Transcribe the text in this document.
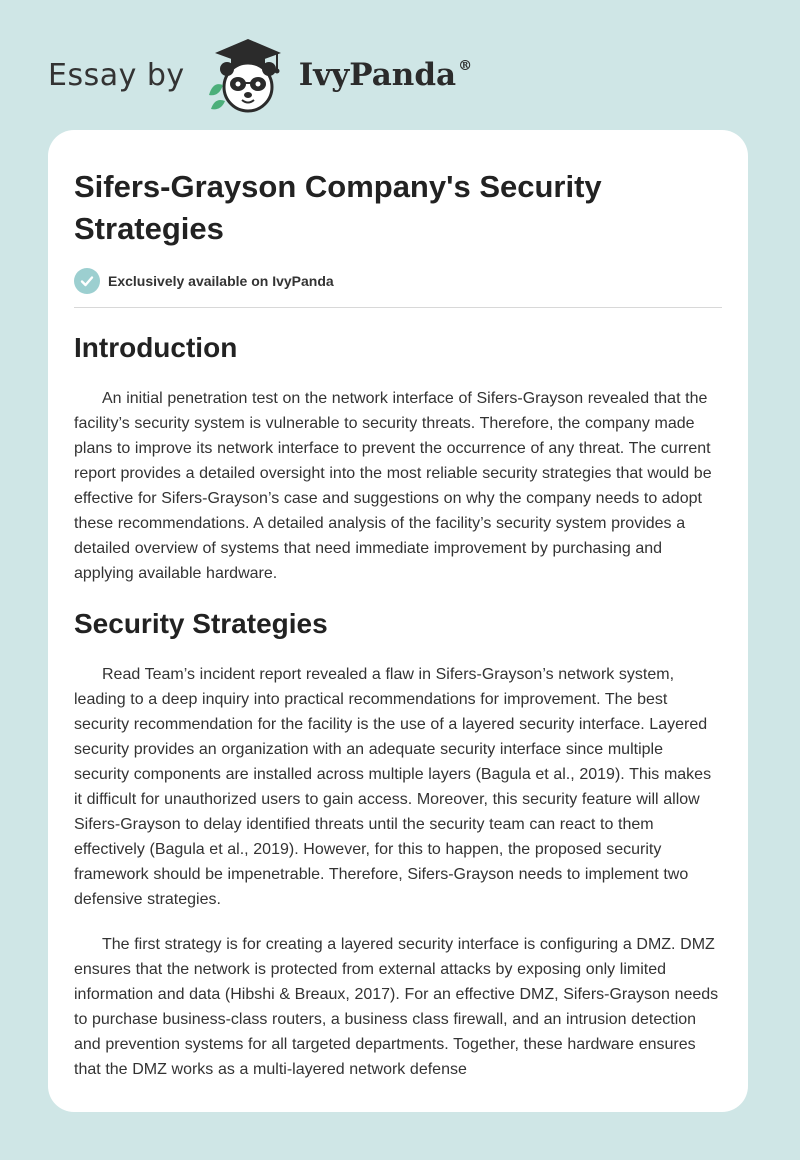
Essay by	IvyPanda ®
Sifers-Grayson Company's Security Strategies
Exclusively available on IvyPanda
Introduction

An initial penetration test on the network interface of Sifers-Grayson revealed that the facility’s security system is vulnerable to security threats. Therefore, the company made plans to improve its network interface to prevent the occurrence of any threat. The current report provides a detailed oversight into the most reliable security strategies that would be effective for Sifers-Grayson’s case and suggestions on why the company needs to adopt these recommendations. A detailed analysis of the facility’s security system provides a detailed overview of systems that need immediate improvement by purchasing and applying available hardware.

Security Strategies

Read Team’s incident report revealed a flaw in Sifers-Grayson’s network system, leading to a deep inquiry into practical recommendations for improvement. The best security recommendation for the facility is the use of a layered security interface. Layered security provides an organization with an adequate security interface since multiple security components are installed across multiple layers (Bagula et al., 2019). This makes it difficult for unauthorized users to gain access. Moreover, this security feature will allow Sifers-Grayson to delay identified threats until the security team can react to them effectively (Bagula et al., 2019). However, for this to happen, the proposed security framework should be impenetrable. Therefore, Sifers-Grayson needs to implement two defensive strategies.

The first strategy is for creating a layered security interface is configuring a DMZ. DMZ ensures that the network is protected from external attacks by exposing only limited information and data (Hibshi & Breaux, 2017). For an effective DMZ, Sifers-Grayson needs to purchase business-class routers, a business class firewall, and an intrusion detection and prevention systems for all targeted departments. Together, these hardware ensures that the DMZ works as a multi-layered network defense
